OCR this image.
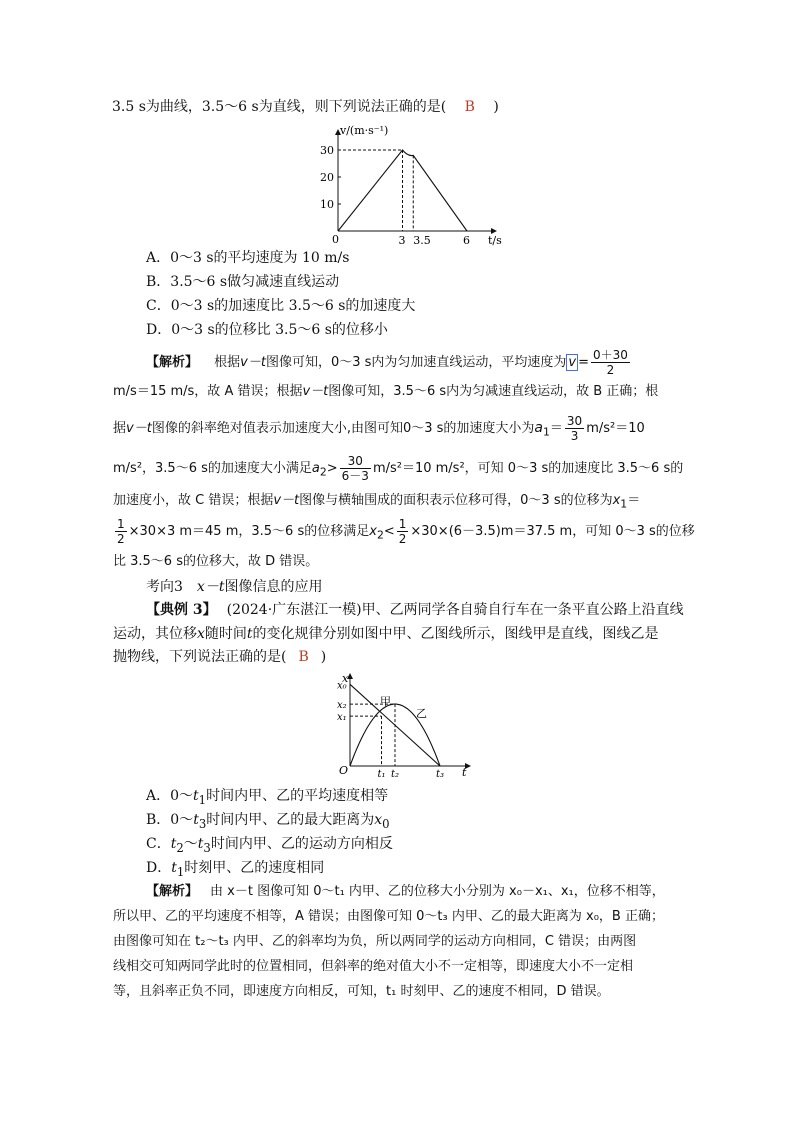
3.5 s为曲线，3.5～6 s为直线，则下列说法正确的是( B )
10
20
30
3 3.5	6
v/(m·s⁻¹)
t/s
0
A．0～3 s的平均速度为 10 m/s
B．3.5～6 s做匀减速直线运动
C．0～3 s的加速度比 3.5～6 s的加速度大
D．0～3 s的位移比 3.5～6 s的位移小
【解析】 根据v－t图像可知，0～3 s内为匀加速直线运动，平均速度为 $v = \frac{0+30}{2}$
m/s＝15 m/s，故 A 错误；根据v－t图像可知，3.5～6 s内为匀减速直线运动，故 B 正确；根
据v－t图像的斜率绝对值表示加速度大小,由图可知0～3 s的加速度大小为$a_1= \frac{30}{3} m/s^2=10$
m/s²，3.5～6 s的加速度大小满足$a_2> \frac{30}{6-3} m/s^2=10$ m/s²，可知 0～3 s的加速度比 3.5～6 s的
加速度小，故 C 错误；根据v－t图像与横轴围成的面积表示位移可得，0～3 s的位移为$x_1=$
$\frac{1}{2} \times 30\times 3$ m＝45 m，3.5～6 s的位移满足$x_2< \frac{1}{2} \times 30\times(6-3.5)m=37.5$ m，可知 0～3 s的位移
比 3.5～6 s的位移大，故 D 错误。
考向3　x－t图像信息的应用
【典例 3】 (2024·广东湛江一模)甲、乙两同学各自骑自行车在一条平直公路上沿直线
运动，其位移x随时间t的变化规律分别如图中甲、乙图线所示，图线甲是直线，图线乙是
抛物线，下列说法正确的是( B )
x₀
x₂
x₁
t₁ t₂	t₃
x
t
O
甲
乙
A．$0\sim t_1$时间内甲、乙的平均速度相等
B．$0\sim t_3$时间内甲、乙的最大距离为$x_0$
C．$t_2\sim t_3$时间内甲、乙的运动方向相反
D．$t_1$时刻甲、乙的速度相同
【解析】 由 x－t 图像可知 0～t₁ 内甲、乙的位移大小分别为 x₀－x₁、x₁，位移不相等，
所以甲、乙的平均速度不相等，A 错误；由图像可知 0～t₃ 内甲、乙的最大距离为 x₀，B 正确；
由图像可知在 t₂～t₃ 内甲、乙的斜率均为负，所以两同学的运动方向相同，C 错误；由两图
线相交可知两同学此时的位置相同，但斜率的绝对值大小不一定相等，即速度大小不一定相
等，且斜率正负不同，即速度方向相反，可知，t₁ 时刻甲、乙的速度不相同，D 错误。
